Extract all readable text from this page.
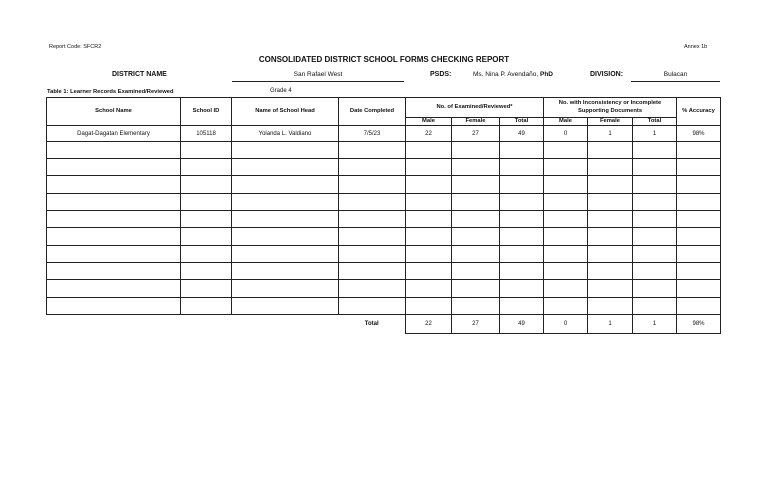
Report Code: SFCR2	Annex 1b
CONSOLIDATED DISTRICT SCHOOL FORMS CHECKING REPORT
DISTRICT NAME	San Rafael West	PSDS:	Ms. Nina P. Avendaño, PhD	DIVISION:	Bulacan
Table 1: Learner Records Examined/Reviewed	Grade 4
School Name	School ID	Name of School Head	Date Completed	No. of Examined/Reviewed*			No. with Inconsistency or Incomplete Supporting Documents			% Accuracy
				Male	Female	Total	Male	Female	Total	
Dagat-Dagatan Elementary	105118	Yolanda L. Valdiano	7/5/23	22	27	49	0	1	1	98%

			Total	22	27	49	0	1	1	98%
